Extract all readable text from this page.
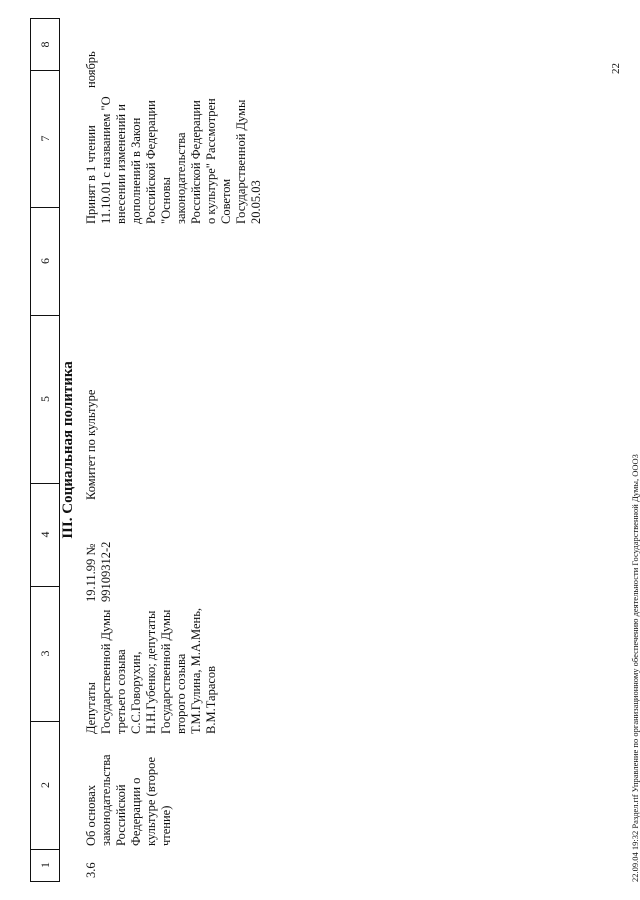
1
2
3
4
5
6
7
8
III. Социальная политика
3.6
Об основах законодательства Российской Федерации о культуре (второе чтение)
Депутаты Государственной Думы третьего созыва С.С.Говорухин, Н.Н.Губенко; депутаты Государственной Думы второго созыва Т.М.Гулина, М.А.Мень, В.М.Тарасов
19.11.99 № 99109312-2
Комитет по культуре
Принят в 1 чтении 11.10.01 с названием "О внесении изменений и дополнений в Закон Российской Федерации "Основы законодательства Российской Федерации о культуре" Рассмотрен Советом Государственной Думы 20.05.03
ноябрь	22
22.09.04 19:32 Раздел.rtf Управление по организационному обеспечению деятельности Государственной Думы, ООО3
